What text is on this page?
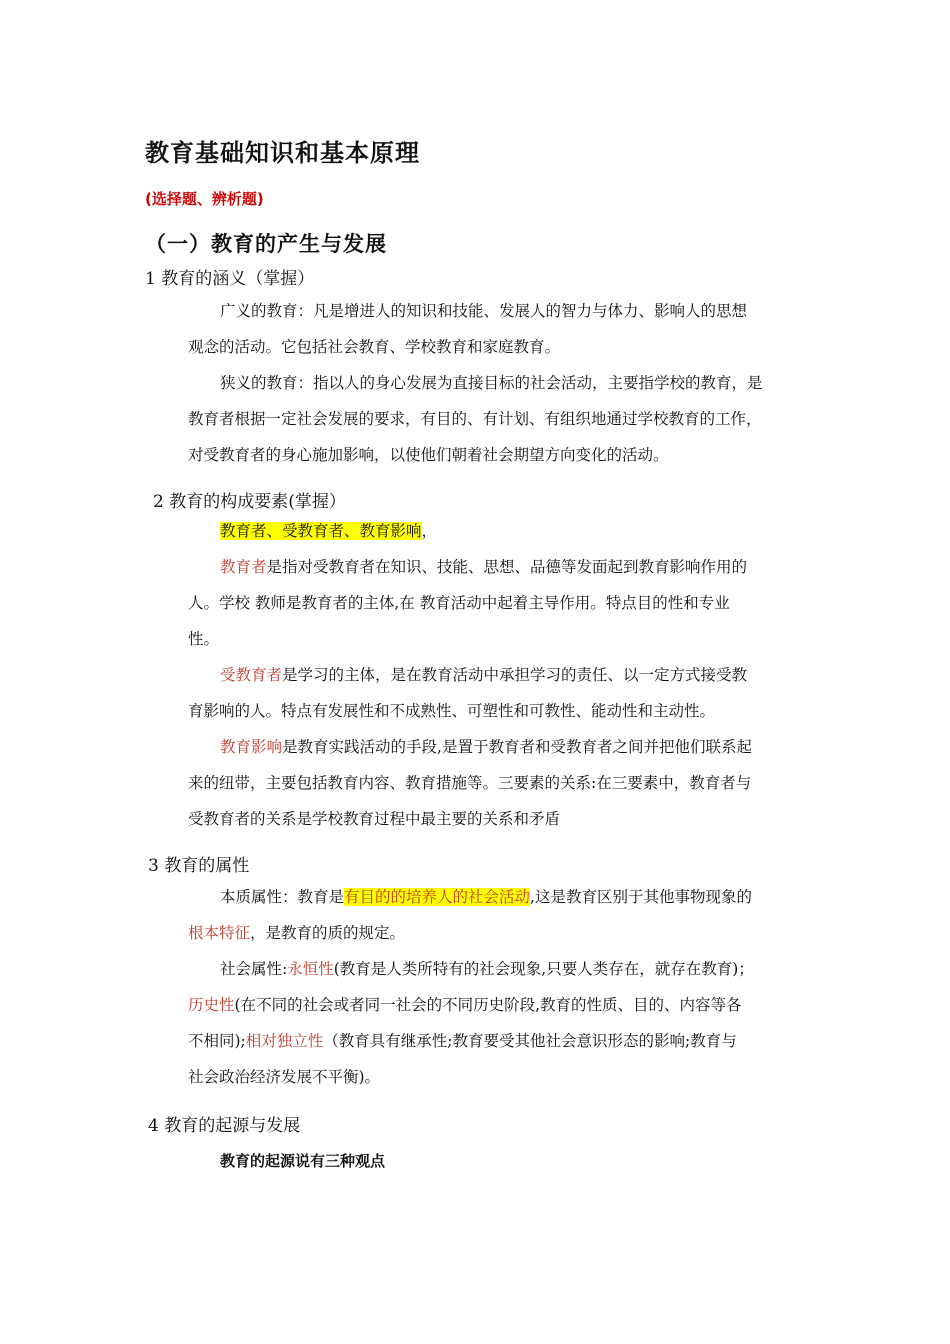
教育基础知识和基本原理
(选择题、辨析题)
（一）教育的产生与发展
1 教育的涵义（掌握）
广义的教育：凡是增进人的知识和技能、发展人的智力与体力、影响人的思想
观念的活动。它包括社会教育、学校教育和家庭教育。
狭义的教育：指以人的身心发展为直接目标的社会活动，主要指学校的教育，是
教育者根据一定社会发展的要求，有目的、有计划、有组织地通过学校教育的工作，
对受教育者的身心施加影响，以使他们朝着社会期望方向变化的活动。
2 教育的构成要素(掌握）
教育者、受教育者、教育影响，
教育者是指对受教育者在知识、技能、思想、品德等发面起到教育影响作用的
人。学校 教师是教育者的主体,在 教育活动中起着主导作用。特点目的性和专业
性。
受教育者是学习的主体，是在教育活动中承担学习的责任、以一定方式接受教
育影响的人。特点有发展性和不成熟性、可塑性和可教性、能动性和主动性。
教育影响是教育实践活动的手段,是置于教育者和受教育者之间并把他们联系起
来的纽带，主要包括教育内容、教育措施等。三要素的关系:在三要素中，教育者与
受教育者的关系是学校教育过程中最主要的关系和矛盾
3 教育的属性
本质属性：教育是有目的的培养人的社会活动,这是教育区别于其他事物现象的
根本特征，是教育的质的规定。
社会属性:永恒性(教育是人类所特有的社会现象,只要人类存在，就存在教育)；
历史性(在不同的社会或者同一社会的不同历史阶段,教育的性质、目的、内容等各
不相同);相对独立性（教育具有继承性;教育要受其他社会意识形态的影响;教育与
社会政治经济发展不平衡)。
4 教育的起源与发展
教育的起源说有三种观点
